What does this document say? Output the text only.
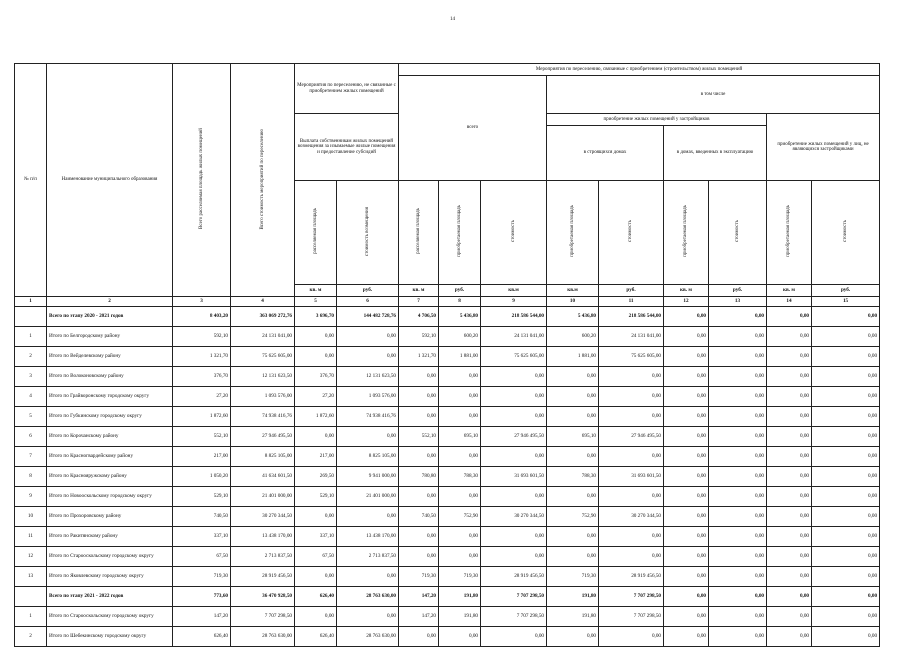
14
№ п/п	Наименование муниципального образования	Всего расселяемая площадь жилых помещений	Всего стоимость мероприятий по переселению	Мероприятия по переселению, не связанные с приобретением жилых помещений		Мероприятия по переселению, связанные с приобретением (строительством) жилых помещений									
						всего			в том числе						
				Выплата собственникам жилых помещений возмещения за изымаемые жилые помещения и предоставление субсидий					приобретение жилых помещений у застройщиков				приобретение жилых помещений у лиц, не являющихся застройщиками		
									в строящихся домах		в домах, введенных в эксплуатацию				
				расселяемая площадь	стоимость возмещения	расселяемая площадь	приобретаемая площадь	стоимость	приобретаемая площадь	стоимость	приобретаемая площадь	стоимость	приобретаемая площадь	стоимость	
				кв. м	руб.	кв. м	руб.	кв.м	кв.м	руб.	кв. м	руб.	кв. м	руб.		
1	2	3	4	5	6	7	8	9	10	11	12	13	14	15	
	Всего по этапу 2020 - 2021 годов	8 403,20	363 069 272,76	3 696,70	144 482 728,76	4 706,50	5 436,80	218 586 544,00	5 436,80	218 586 544,00	0,00	0,00	0,00	0,00	
1	Итого по Белгородскому району	592,10	24 131 041,00	0,00	0,00	592,10	600,20	24 131 041,00	600,20	24 131 041,00	0,00	0,00	0,00	0,00	
2	Итого по Вейделевскому району	1 321,70	75 625 605,00	0,00	0,00	1 321,70	1 881,00	75 625 605,00	1 881,00	75 625 605,00	0,00	0,00	0,00	0,00	
3	Итого по Волоконовскому району	376,70	12 131 623,50	376,70	12 131 623,50	0,00	0,00	0,00	0,00	0,00	0,00	0,00	0,00	0,00	
4	Итого по Грайворонскому городскому округу	27,20	1 093 576,00	27,20	1 093 576,00	0,00	0,00	0,00	0,00	0,00	0,00	0,00	0,00	0,00	
5	Итого по Губкинскому городскому округу	1 872,60	74 938 416,76	1 872,60	74 938 416,76	0,00	0,00	0,00	0,00	0,00	0,00	0,00	0,00	0,00	
6	Итого по Корочанскому району	552,10	27 946 495,50	0,00	0,00	552,10	695,10	27 946 495,50	695,10	27 946 495,50	0,00	0,00	0,00	0,00	
7	Итого по Красногвардейскому району	217,00	8 825 105,00	217,00	8 825 105,00	0,00	0,00	0,00	0,00	0,00	0,00	0,00	0,00	0,00	
8	Итого по Краснояружскому району	1 050,20	41 634 601,50	269,50	9 941 000,00	780,80	788,30	31 693 601,50	788,30	31 693 601,50	0,00	0,00	0,00	0,00	
9	Итого по Новооскольскому городскому округу	529,10	21 401 000,00	529,10	21 401 000,00	0,00	0,00	0,00	0,00	0,00	0,00	0,00	0,00	0,00	
10	Итого по Прохоровскому району	740,50	30 270 344,50	0,00	0,00	740,50	752,90	30 270 344,50	752,90	30 270 344,50	0,00	0,00	0,00	0,00	
11	Итого по Ракитянскому району	337,10	13 438 170,00	337,10	13 438 170,00	0,00	0,00	0,00	0,00	0,00	0,00	0,00	0,00	0,00	
12	Итого по Старооскольскому городскому округу	67,50	2 713 837,50	67,50	2 713 837,50	0,00	0,00	0,00	0,00	0,00	0,00	0,00	0,00	0,00	
13	Итого по Яковлевскому городскому округу	719,30	28 919 456,50	0,00	0,00	719,30	719,30	28 919 456,50	719,30	28 919 456,50	0,00	0,00	0,00	0,00	
	Всего по этапу 2021 - 2022 годов	773,60	36 470 928,50	626,40	28 763 630,00	147,20	191,80	7 707 298,50	191,80	7 707 298,50	0,00	0,00	0,00	0,00	
1	Итого по Старооскольскому городскому округу	147,20	7 707 298,50	0,00	0,00	147,20	191,80	7 707 298,50	191,80	7 707 298,50	0,00	0,00	0,00	0,00	
2	Итого по Шебекинскому городскому округу	626,40	28 763 630,00	626,40	28 763 630,00	0,00	0,00	0,00	0,00	0,00	0,00	0,00	0,00	0,00	
